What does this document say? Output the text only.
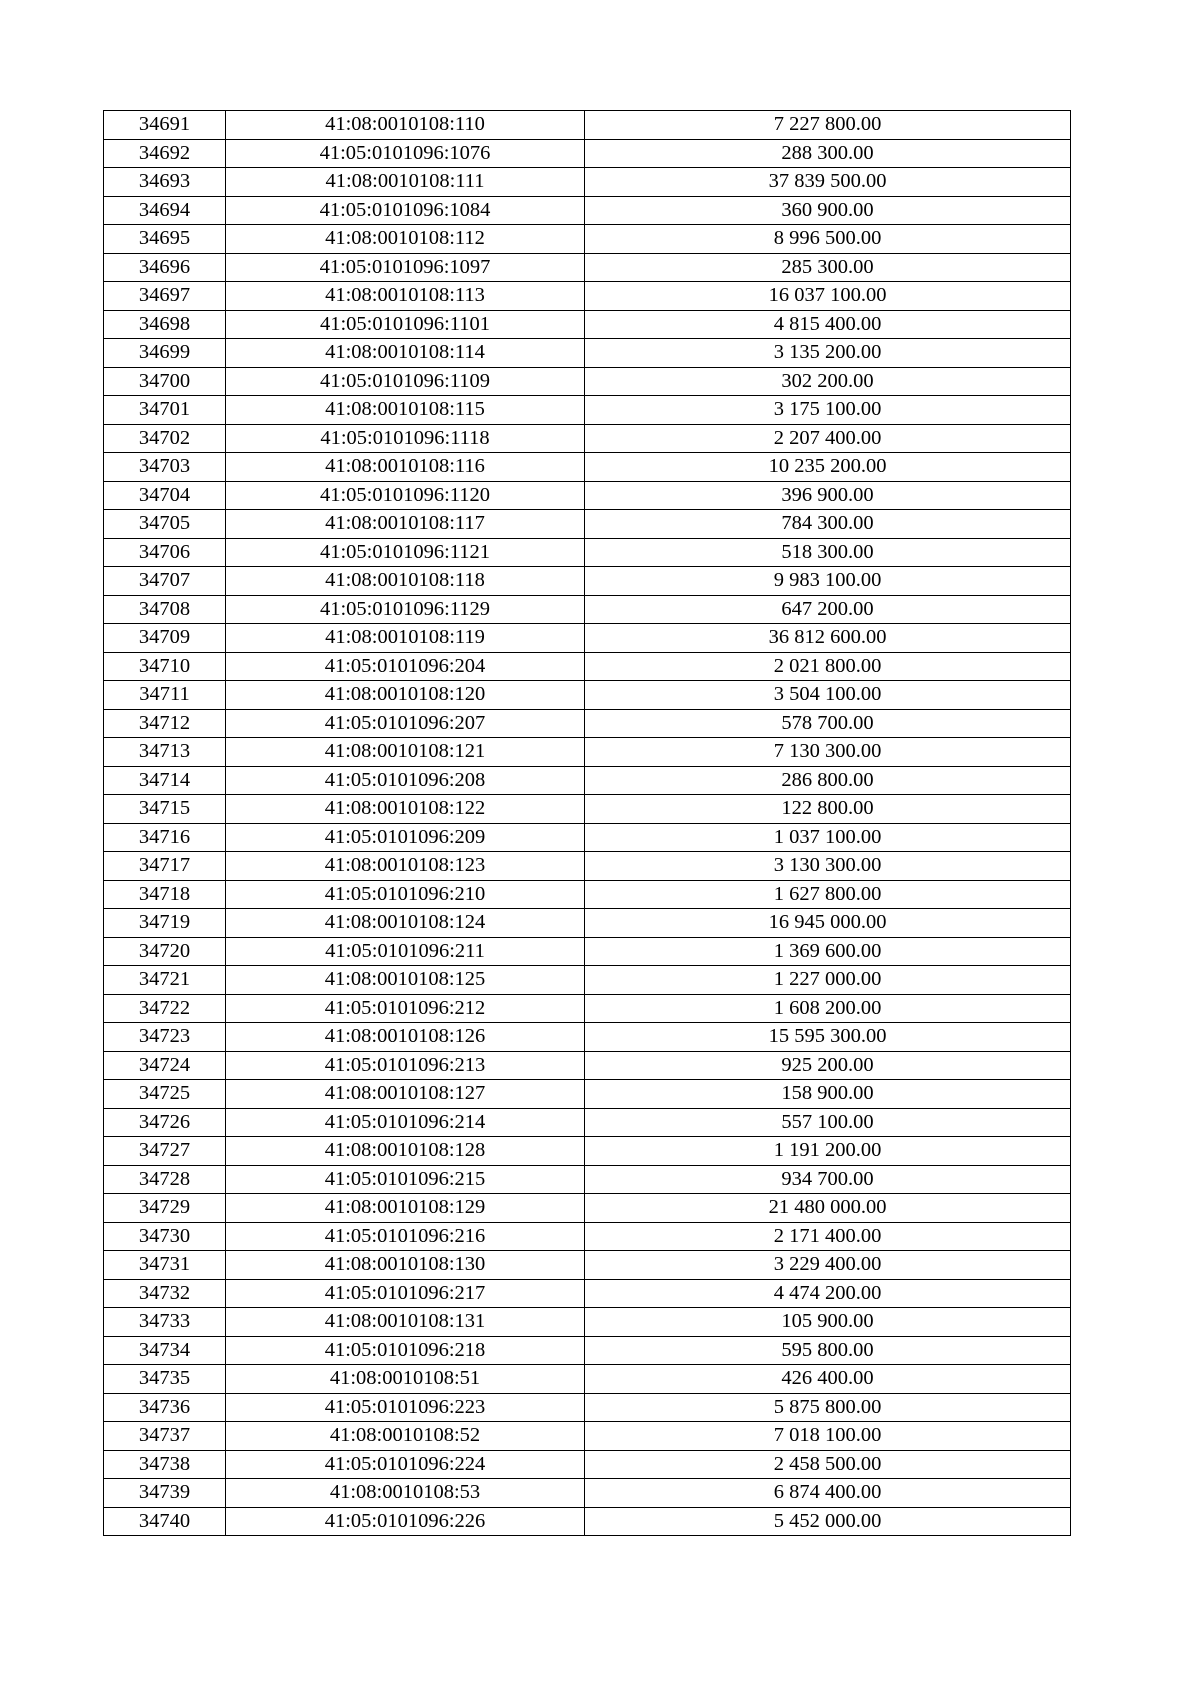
34691	41:08:0010108:110	7 227 800.00
34692	41:05:0101096:1076	288 300.00
34693	41:08:0010108:111	37 839 500.00
34694	41:05:0101096:1084	360 900.00
34695	41:08:0010108:112	8 996 500.00
34696	41:05:0101096:1097	285 300.00
34697	41:08:0010108:113	16 037 100.00
34698	41:05:0101096:1101	4 815 400.00
34699	41:08:0010108:114	3 135 200.00
34700	41:05:0101096:1109	302 200.00
34701	41:08:0010108:115	3 175 100.00
34702	41:05:0101096:1118	2 207 400.00
34703	41:08:0010108:116	10 235 200.00
34704	41:05:0101096:1120	396 900.00
34705	41:08:0010108:117	784 300.00
34706	41:05:0101096:1121	518 300.00
34707	41:08:0010108:118	9 983 100.00
34708	41:05:0101096:1129	647 200.00
34709	41:08:0010108:119	36 812 600.00
34710	41:05:0101096:204	2 021 800.00
34711	41:08:0010108:120	3 504 100.00
34712	41:05:0101096:207	578 700.00
34713	41:08:0010108:121	7 130 300.00
34714	41:05:0101096:208	286 800.00
34715	41:08:0010108:122	122 800.00
34716	41:05:0101096:209	1 037 100.00
34717	41:08:0010108:123	3 130 300.00
34718	41:05:0101096:210	1 627 800.00
34719	41:08:0010108:124	16 945 000.00
34720	41:05:0101096:211	1 369 600.00
34721	41:08:0010108:125	1 227 000.00
34722	41:05:0101096:212	1 608 200.00
34723	41:08:0010108:126	15 595 300.00
34724	41:05:0101096:213	925 200.00
34725	41:08:0010108:127	158 900.00
34726	41:05:0101096:214	557 100.00
34727	41:08:0010108:128	1 191 200.00
34728	41:05:0101096:215	934 700.00
34729	41:08:0010108:129	21 480 000.00
34730	41:05:0101096:216	2 171 400.00
34731	41:08:0010108:130	3 229 400.00
34732	41:05:0101096:217	4 474 200.00
34733	41:08:0010108:131	105 900.00
34734	41:05:0101096:218	595 800.00
34735	41:08:0010108:51	426 400.00
34736	41:05:0101096:223	5 875 800.00
34737	41:08:0010108:52	7 018 100.00
34738	41:05:0101096:224	2 458 500.00
34739	41:08:0010108:53	6 874 400.00
34740	41:05:0101096:226	5 452 000.00
